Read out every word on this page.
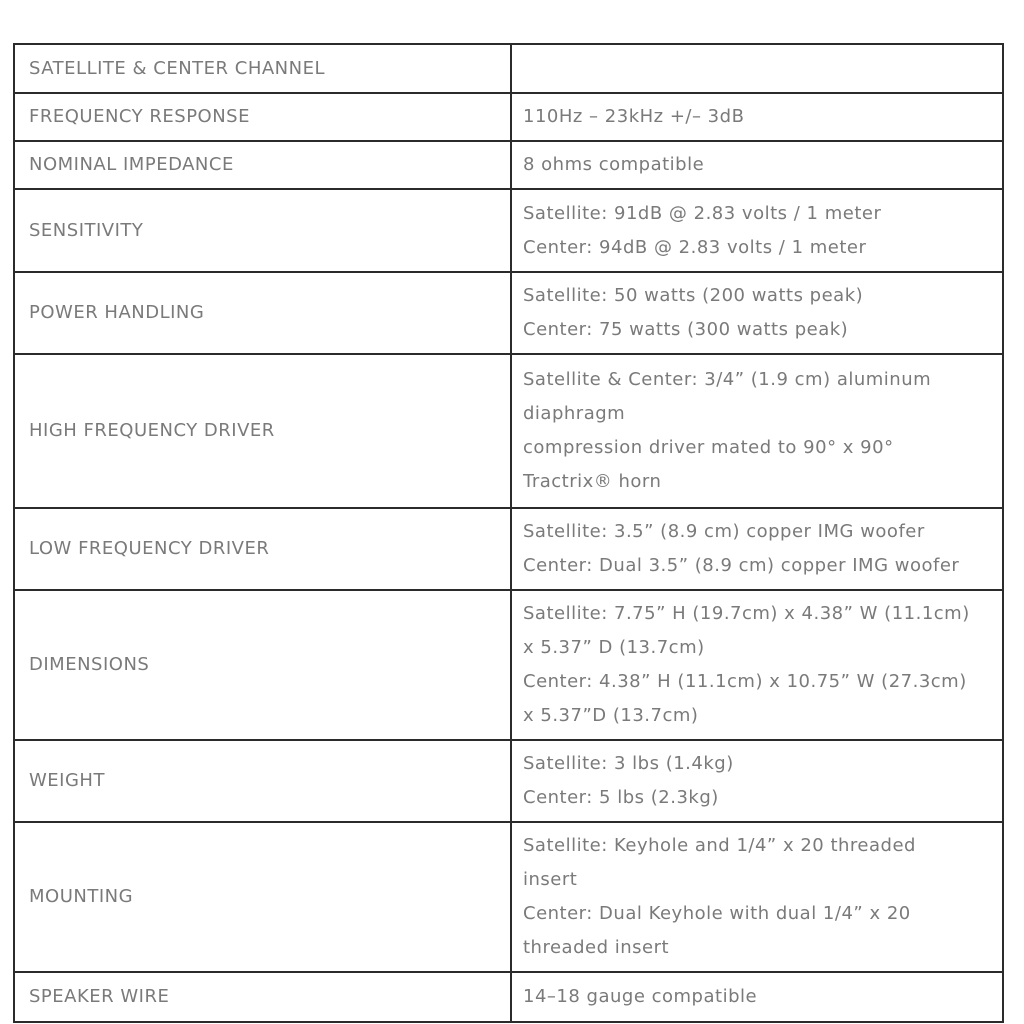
SATELLITE & CENTER CHANNEL	
FREQUENCY RESPONSE	110Hz – 23kHz +/– 3dB

NOMINAL IMPEDANCE	8 ohms compatible

SENSITIVITY	Satellite: 91dB @ 2.83 volts / 1 meter
Center: 94dB @ 2.83 volts / 1 meter

POWER HANDLING	Satellite: 50 watts (200 watts peak)
Center: 75 watts (300 watts peak)

HIGH FREQUENCY DRIVER	Satellite & Center: 3/4” (1.9 cm) aluminum diaphragm
compression driver mated to 90° x 90° Tractrix® horn

LOW FREQUENCY DRIVER	Satellite: 3.5” (8.9 cm) copper IMG woofer
Center: Dual 3.5” (8.9 cm) copper IMG woofer

DIMENSIONS	Satellite: 7.75” H (19.7cm) x 4.38” W (11.1cm) x 5.37” D (13.7cm)
Center: 4.38” H (11.1cm) x 10.75” W (27.3cm) x 5.37”D (13.7cm)

WEIGHT	Satellite: 3 lbs (1.4kg)
Center: 5 lbs (2.3kg)

MOUNTING	Satellite: Keyhole and 1/4” x 20 threaded insert
Center: Dual Keyhole with dual 1/4” x 20 threaded insert

SPEAKER WIRE	14–18 gauge compatible
